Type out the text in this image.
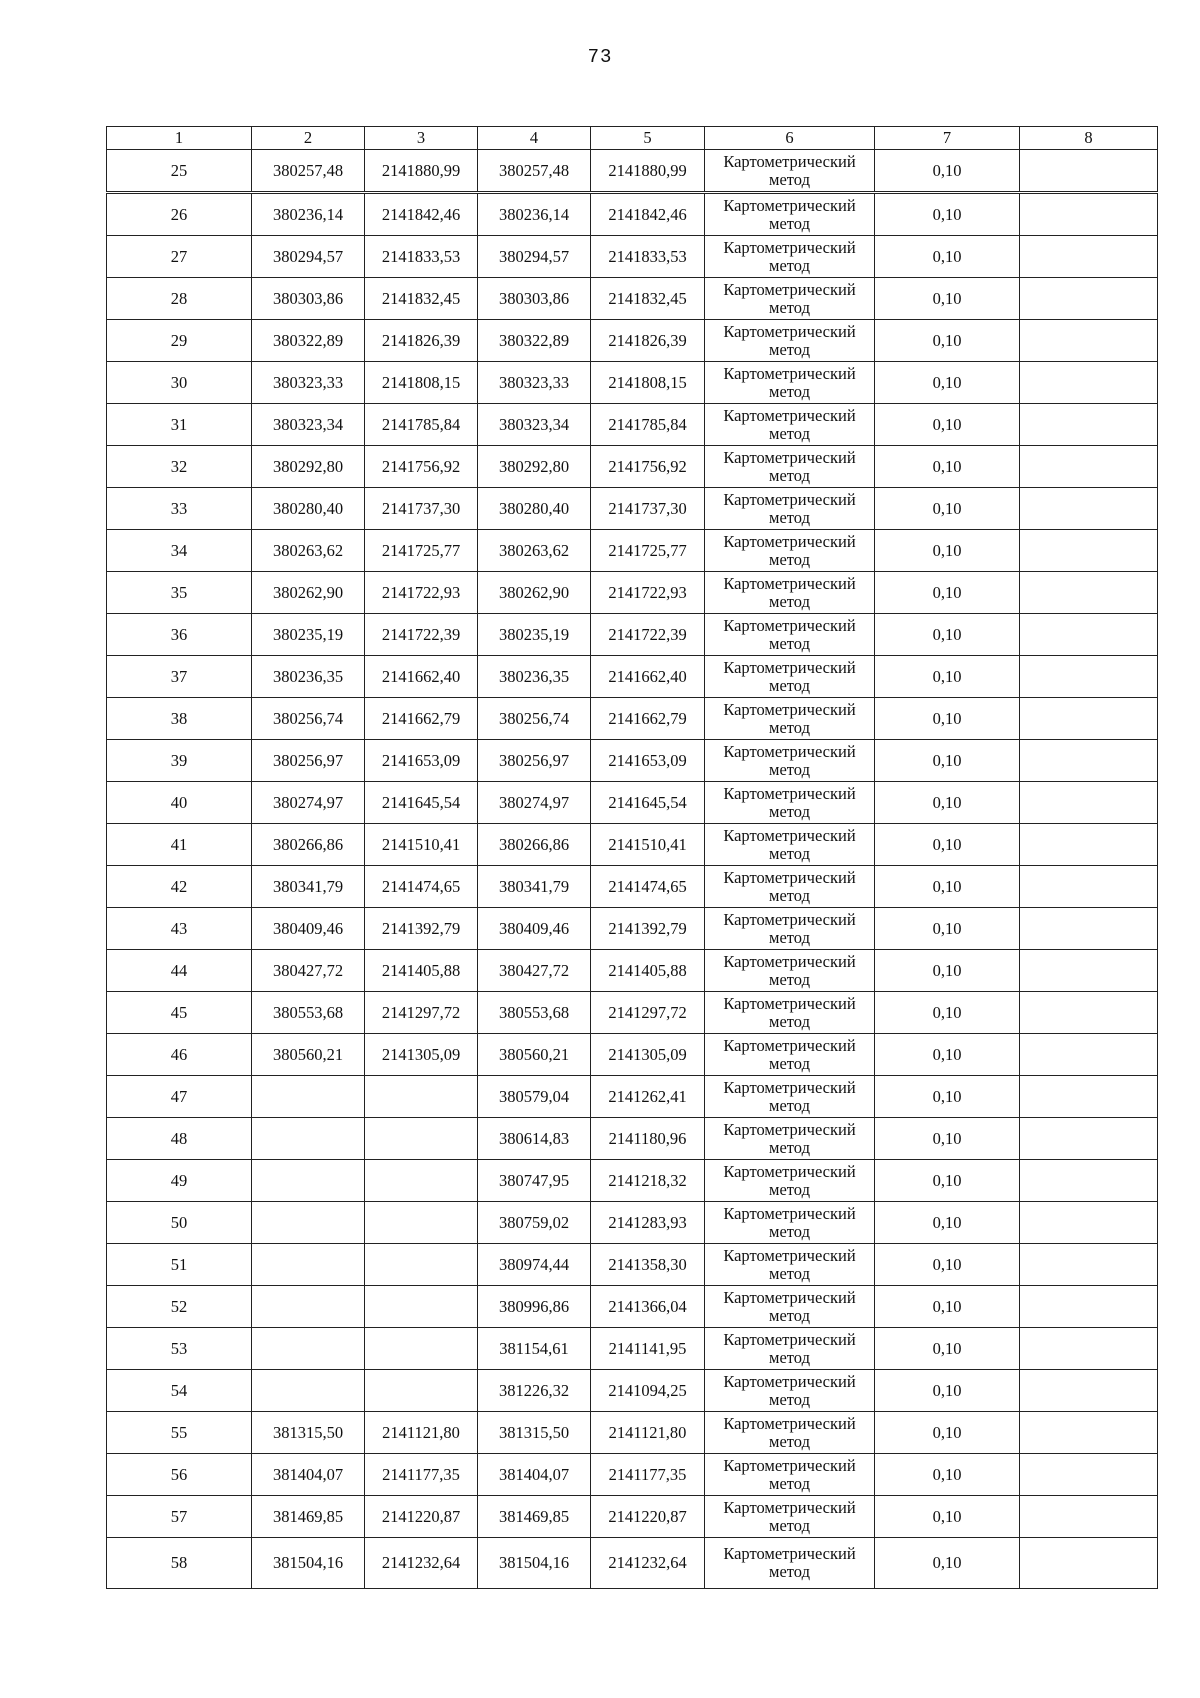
73
1	2	3	4	5	6	7	8
25	380257,48	2141880,99	380257,48	2141880,99	Картометрический метод	0,10	
26	380236,14	2141842,46	380236,14	2141842,46	Картометрический метод	0,10	
27	380294,57	2141833,53	380294,57	2141833,53	Картометрический метод	0,10	
28	380303,86	2141832,45	380303,86	2141832,45	Картометрический метод	0,10	
29	380322,89	2141826,39	380322,89	2141826,39	Картометрический метод	0,10	
30	380323,33	2141808,15	380323,33	2141808,15	Картометрический метод	0,10	
31	380323,34	2141785,84	380323,34	2141785,84	Картометрический метод	0,10	
32	380292,80	2141756,92	380292,80	2141756,92	Картометрический метод	0,10	
33	380280,40	2141737,30	380280,40	2141737,30	Картометрический метод	0,10	
34	380263,62	2141725,77	380263,62	2141725,77	Картометрический метод	0,10	
35	380262,90	2141722,93	380262,90	2141722,93	Картометрический метод	0,10	
36	380235,19	2141722,39	380235,19	2141722,39	Картометрический метод	0,10	
37	380236,35	2141662,40	380236,35	2141662,40	Картометрический метод	0,10	
38	380256,74	2141662,79	380256,74	2141662,79	Картометрический метод	0,10	
39	380256,97	2141653,09	380256,97	2141653,09	Картометрический метод	0,10	
40	380274,97	2141645,54	380274,97	2141645,54	Картометрический метод	0,10	
41	380266,86	2141510,41	380266,86	2141510,41	Картометрический метод	0,10	
42	380341,79	2141474,65	380341,79	2141474,65	Картометрический метод	0,10	
43	380409,46	2141392,79	380409,46	2141392,79	Картометрический метод	0,10	
44	380427,72	2141405,88	380427,72	2141405,88	Картометрический метод	0,10	
45	380553,68	2141297,72	380553,68	2141297,72	Картометрический метод	0,10	
46	380560,21	2141305,09	380560,21	2141305,09	Картометрический метод	0,10	
47			380579,04	2141262,41	Картометрический метод	0,10	
48			380614,83	2141180,96	Картометрический метод	0,10	
49			380747,95	2141218,32	Картометрический метод	0,10	
50			380759,02	2141283,93	Картометрический метод	0,10	
51			380974,44	2141358,30	Картометрический метод	0,10	
52			380996,86	2141366,04	Картометрический метод	0,10	
53			381154,61	2141141,95	Картометрический метод	0,10	
54			381226,32	2141094,25	Картометрический метод	0,10	
55	381315,50	2141121,80	381315,50	2141121,80	Картометрический метод	0,10	
56	381404,07	2141177,35	381404,07	2141177,35	Картометрический метод	0,10	
57	381469,85	2141220,87	381469,85	2141220,87	Картометрический метод	0,10	
58	381504,16	2141232,64	381504,16	2141232,64	Картометрический метод	0,10	
